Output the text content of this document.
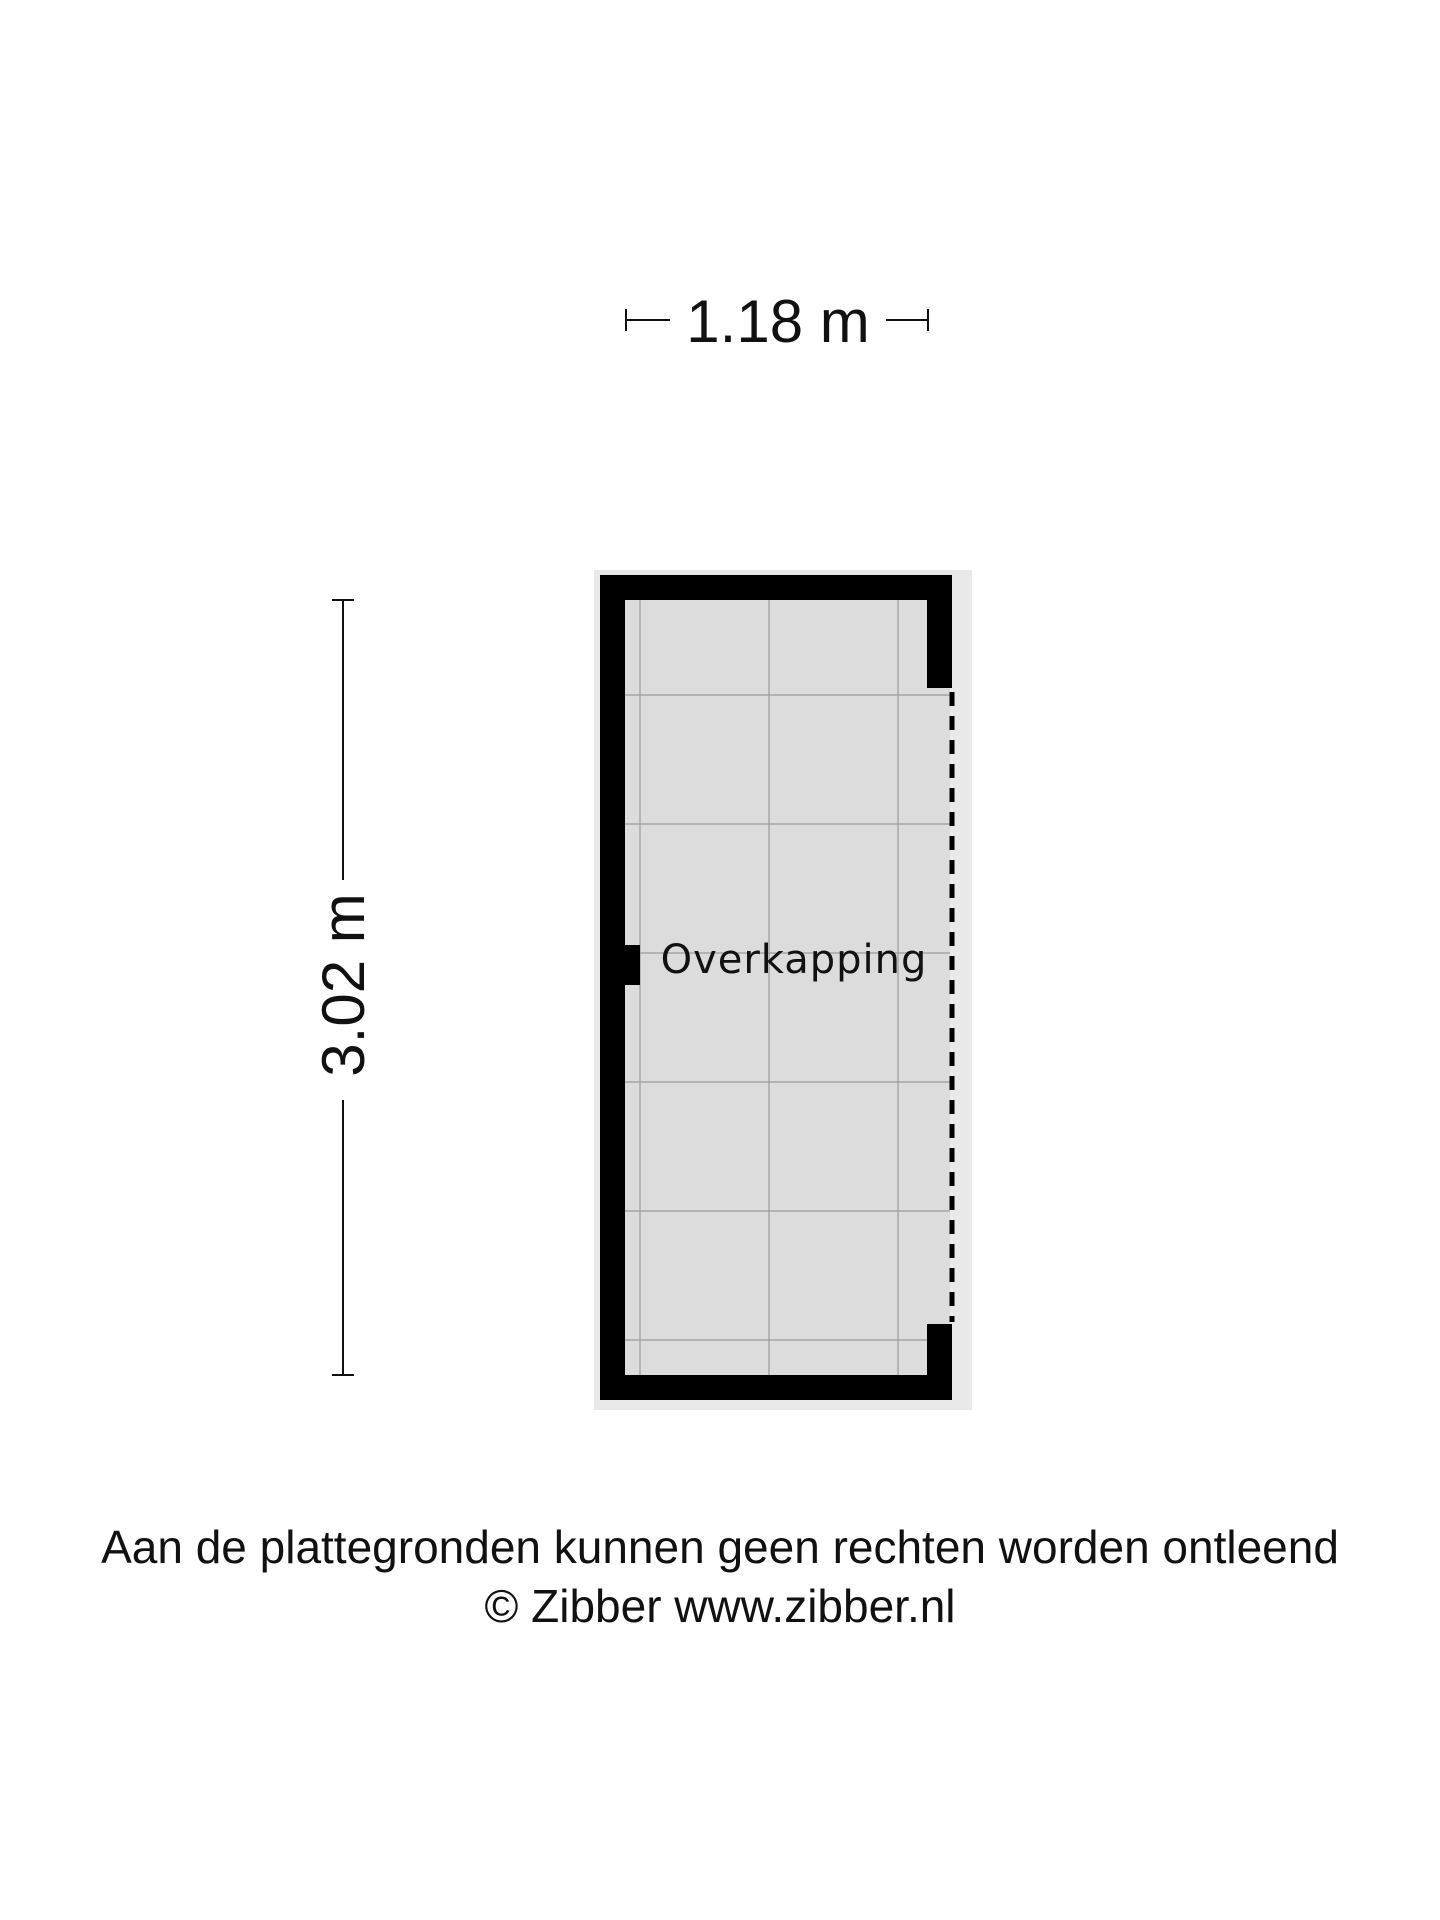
1.18 m
3.02 m	Overkapping
Aan de plattegronden kunnen geen rechten worden ontleend
© Zibber www.zibber.nl
